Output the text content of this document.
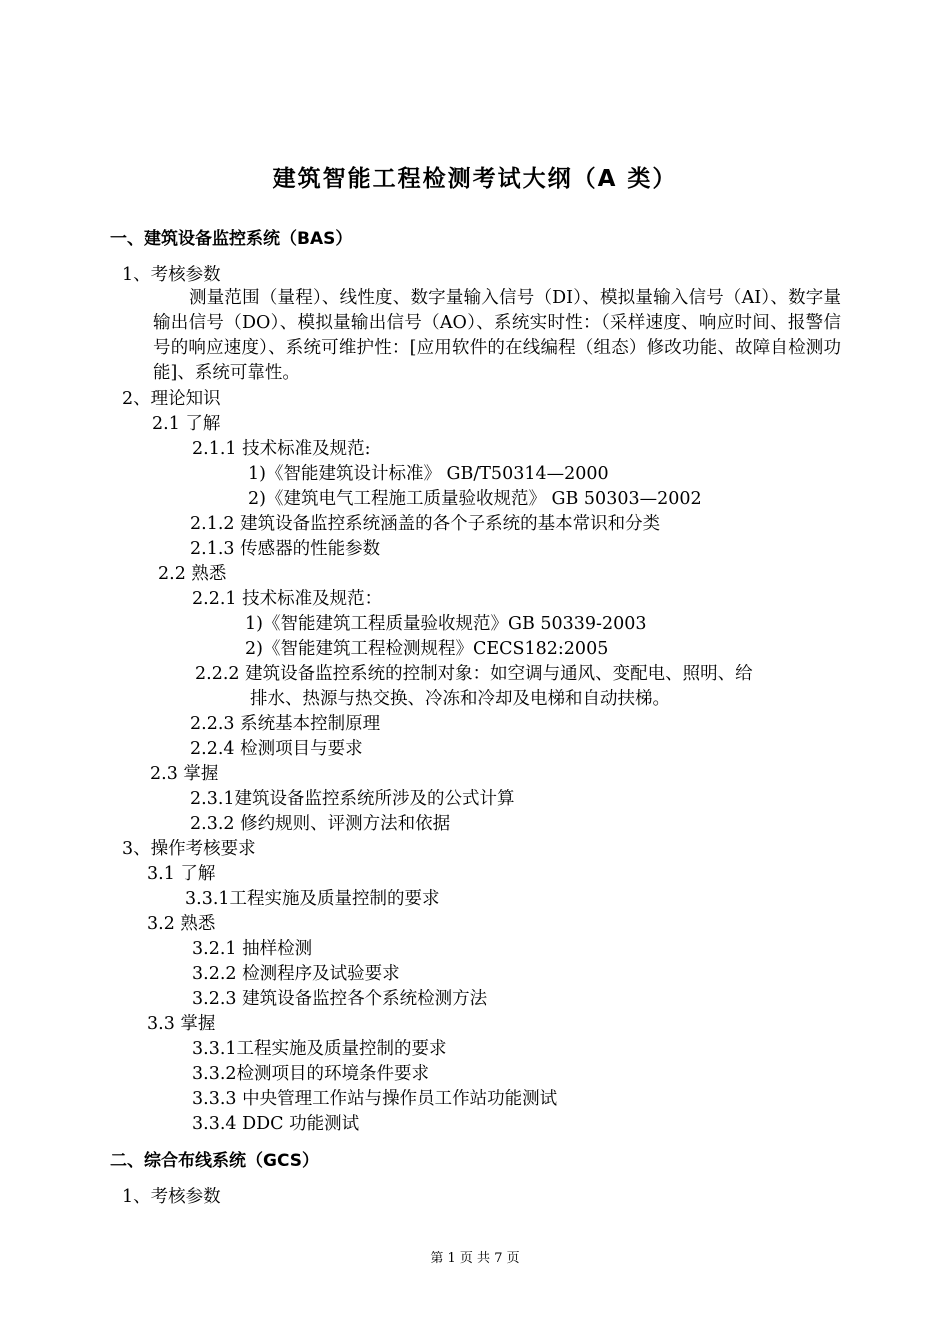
建筑智能工程检测考试大纲（A 类）
一、建筑设备监控系统（BAS）
1、考核参数
测量范围（量程）、线性度、数字量输入信号（DI）、模拟量输入信号（AI）、数字量输出信号（DO）、模拟量输出信号（AO）、系统实时性：（采样速度、响应时间、报警信号的响应速度）、系统可维护性：[应用软件的在线编程（组态）修改功能、故障自检测功能]、系统可靠性。
2、理论知识
2.1 了解
2.1.1 技术标准及规范:
1)《智能建筑设计标准》 GB/T50314—2000
2)《建筑电气工程施工质量验收规范》 GB 50303—2002
2.1.2 建筑设备监控系统涵盖的各个子系统的基本常识和分类
2.1.3 传感器的性能参数
2.2 熟悉
2.2.1 技术标准及规范：
1)《智能建筑工程质量验收规范》GB 50339-2003
2)《智能建筑工程检测规程》CECS182:2005
2.2.2 建筑设备监控系统的控制对象：如空调与通风、变配电、照明、给
排水、热源与热交换、冷冻和冷却及电梯和自动扶梯。
2.2.3 系统基本控制原理
2.2.4 检测项目与要求
2.3 掌握
2.3.1建筑设备监控系统所涉及的公式计算
2.3.2 修约规则、评测方法和依据
3、操作考核要求
3.1 了解
3.3.1工程实施及质量控制的要求
3.2 熟悉
3.2.1 抽样检测
3.2.2 检测程序及试验要求
3.2.3 建筑设备监控各个系统检测方法
3.3 掌握
3.3.1工程实施及质量控制的要求
3.3.2检测项目的环境条件要求
3.3.3 中央管理工作站与操作员工作站功能测试
3.3.4 DDC 功能测试
二、综合布线系统（GCS）
1、考核参数
第 1 页 共 7 页
